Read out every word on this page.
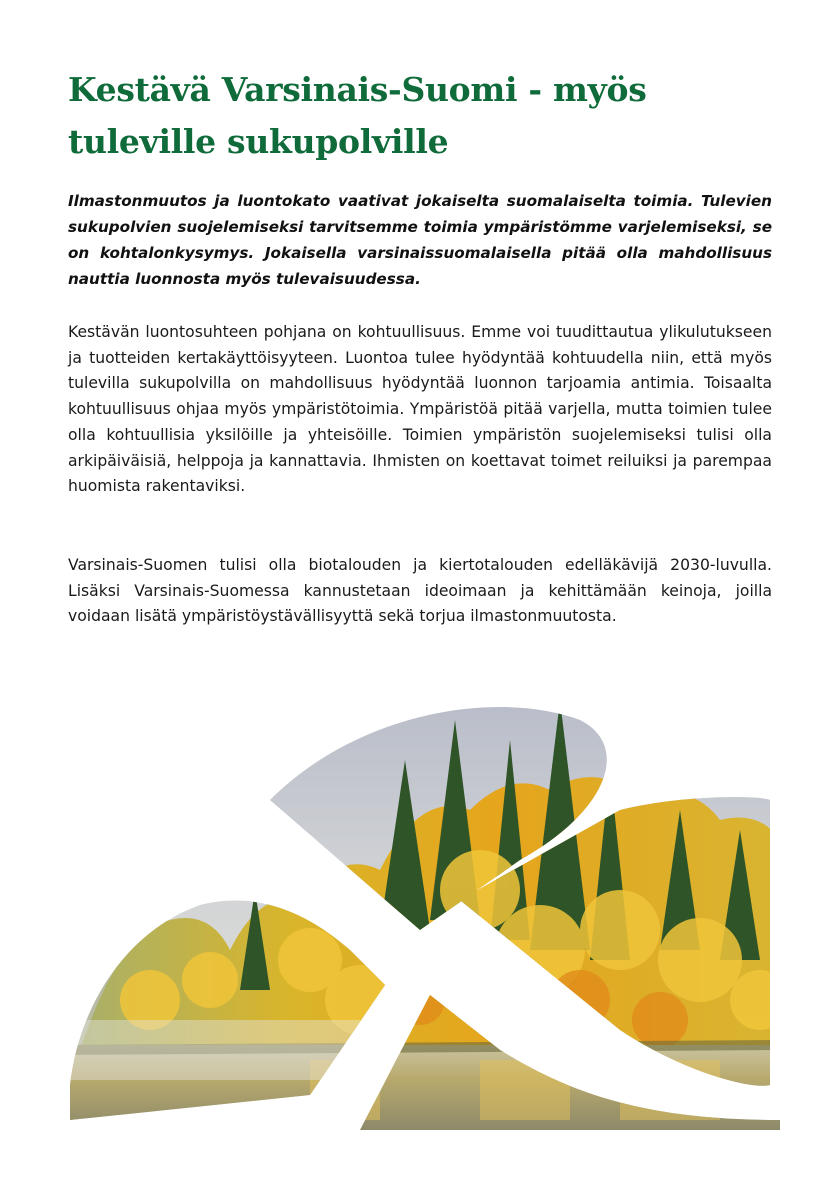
Kestävä Varsinais-Suomi - myös tuleville sukupolville

Ilmastonmuutos ja luontokato vaativat jokaiselta suomalaiselta toimia. Tulevien sukupolvien suojelemiseksi tarvitsemme toimia ympäristömme varjelemiseksi, se on kohtalonkysymys. Jokaisella varsinaissuomalaisella pitää olla mahdollisuus nauttia luonnosta myös tulevaisuudessa.

Kestävän luontosuhteen pohjana on kohtuullisuus. Emme voi tuudittautua ylikulutukseen ja tuotteiden kertakäyttöisyyteen. Luontoa tulee hyödyntää kohtuudella niin, että myös tulevilla sukupolvilla on mahdollisuus hyödyntää luonnon tarjoamia antimia. Toisaalta kohtuullisuus ohjaa myös ympäristötoimia. Ympäristöä pitää varjella, mutta toimien tulee olla kohtuullisia yksilöille ja yhteisöille. Toimien ympäristön suojelemiseksi tulisi olla arkipäiväisiä, helppoja ja kannattavia. Ihmisten on koettavat toimet reiluiksi ja parempaa huomista rakentaviksi.

Varsinais-Suomen tulisi olla biotalouden ja kiertotalouden edelläkävijä 2030-luvulla. Lisäksi Varsinais-Suomessa kannustetaan ideoimaan ja kehittämään keinoja, joilla voidaan lisätä ympäristöystävällisyyttä sekä torjua ilmastonmuutosta.
